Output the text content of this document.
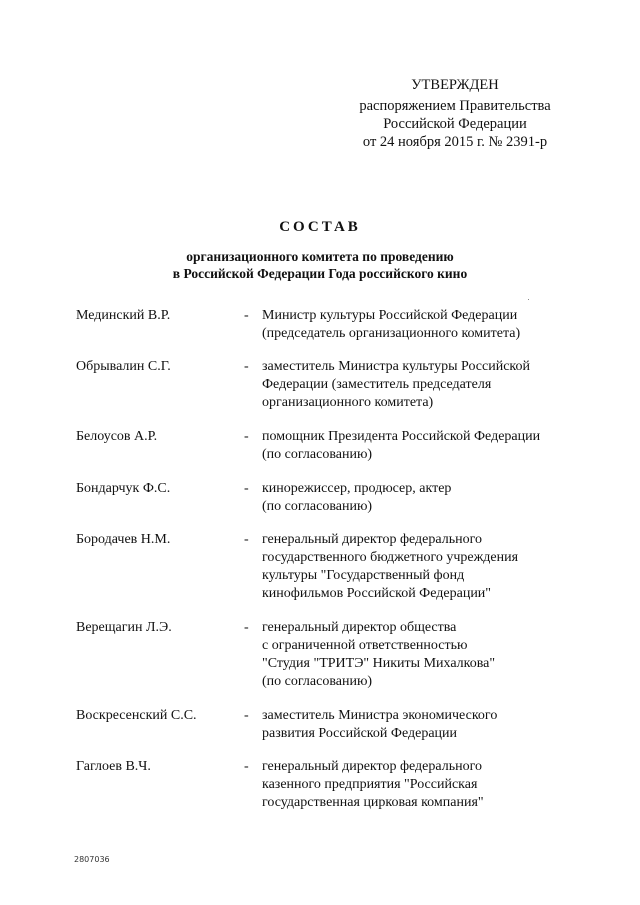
УТВЕРЖДЕН
распоряжением Правительства
Российской Федерации
от 24 ноября 2015 г. № 2391-р
СОСТАВ
организационного комитета по проведению
в Российской Федерации Года российского кино
Мединский В.Р.	- Министр культуры Российской Федерации
(председатель организационного комитета)
Обрывалин С.Г.	- заместитель Министра культуры Российской
Федерации (заместитель председателя
организационного комитета)
Белоусов А.Р.	- помощник Президента Российской Федерации
(по согласованию)
Бондарчук Ф.С.	- кинорежиссер, продюсер, актер
(по согласованию)
Бородачев Н.М.	- генеральный директор федерального
государственного бюджетного учреждения
культуры "Государственный фонд
кинофильмов Российской Федерации"
Верещагин Л.Э.	- генеральный директор общества
с ограниченной ответственностью
"Студия "ТРИТЭ" Никиты Михалкова"
(по согласованию)
Воскресенский С.С.	- заместитель Министра экономического
развития Российской Федерации
Гаглоев В.Ч.	- генеральный директор федерального
казенного предприятия "Российская
государственная цирковая компания"
2807036
